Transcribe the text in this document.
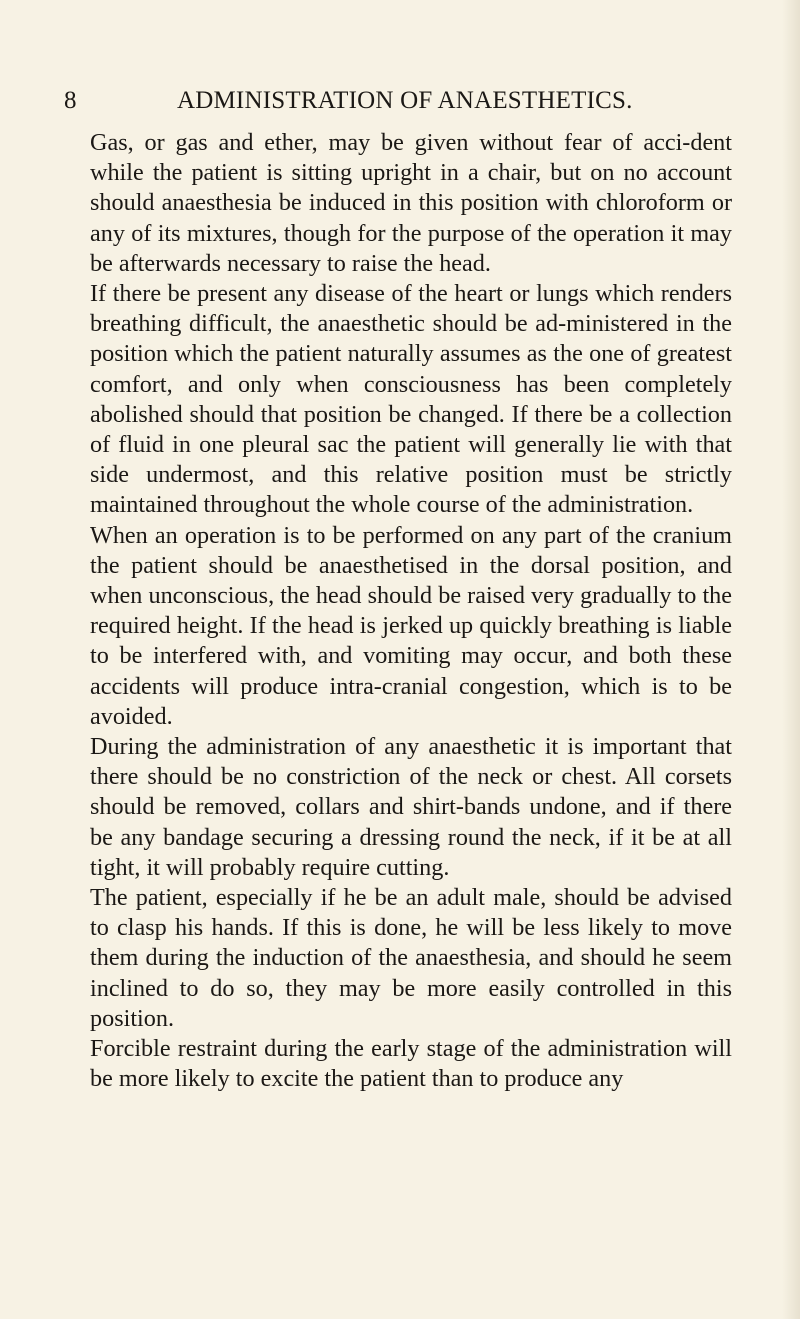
8	ADMINISTRATION OF ANAESTHETICS.

Gas, or gas and ether, may be given without fear of acci-dent while the patient is sitting upright in a chair, but on no account should anaesthesia be induced in this position with chloroform or any of its mixtures, though for the purpose of the operation it may be afterwards necessary to raise the head.

If there be present any disease of the heart or lungs which renders breathing difficult, the anaesthetic should be ad-ministered in the position which the patient naturally assumes as the one of greatest comfort, and only when consciousness has been completely abolished should that position be changed. If there be a collection of fluid in one pleural sac the patient will generally lie with that side undermost, and this relative position must be strictly maintained throughout the whole course of the administration.

When an operation is to be performed on any part of the cranium the patient should be anaesthetised in the dorsal position, and when unconscious, the head should be raised very gradually to the required height. If the head is jerked up quickly breathing is liable to be interfered with, and vomiting may occur, and both these accidents will produce intra-cranial congestion, which is to be avoided.

During the administration of any anaesthetic it is important that there should be no constriction of the neck or chest. All corsets should be removed, collars and shirt-bands undone, and if there be any bandage securing a dressing round the neck, if it be at all tight, it will probably require cutting.

The patient, especially if he be an adult male, should be advised to clasp his hands. If this is done, he will be less likely to move them during the induction of the anaesthesia, and should he seem inclined to do so, they may be more easily controlled in this position.

Forcible restraint during the early stage of the administration will be more likely to excite the patient than to produce any
